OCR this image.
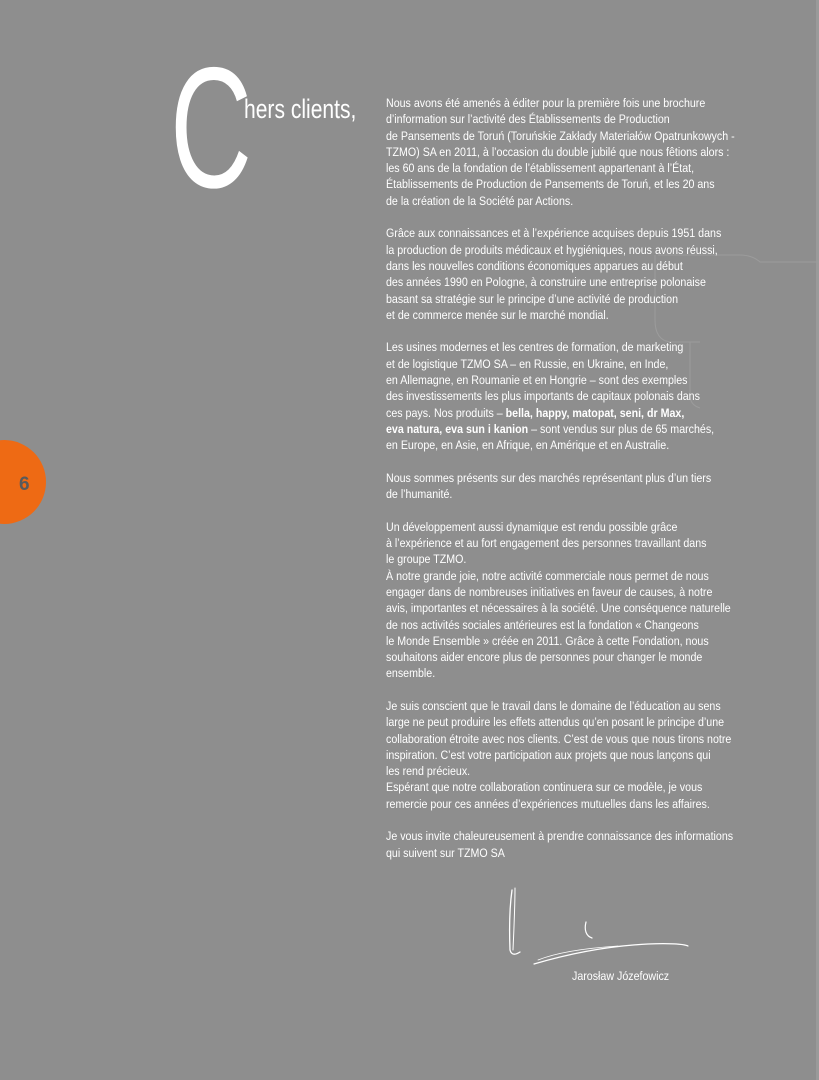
6
C
hers clients, Nous avons été amenés à éditer pour la première fois une brochure
d’information sur l’activité des Établissements de Production
de Pansements de Toruń (Toruńskie Zakłady Materiałów Opatrunkowych -
TZMO) SA en 2011, à l’occasion du double jubilé que nous fêtions alors :
les 60 ans de la fondation de l’établissement appartenant à l’État,
Établissements de Production de Pansements de Toruń, et les 20 ans
de la création de la Société par Actions.
Grâce aux connaissances et à l’expérience acquises depuis 1951 dans
la production de produits médicaux et hygiéniques, nous avons réussi,
dans les nouvelles conditions économiques apparues au début
des années 1990 en Pologne, à construire une entreprise polonaise
basant sa stratégie sur le principe d’une activité de production
et de commerce menée sur le marché mondial.
Les usines modernes et les centres de formation, de marketing
et de logistique TZMO SA – en Russie, en Ukraine, en Inde,
en Allemagne, en Roumanie et en Hongrie – sont des exemples
des investissements les plus importants de capitaux polonais dans
ces pays. Nos produits – bella, happy, matopat, seni, dr Max,
eva natura, eva sun i kanion – sont vendus sur plus de 65 marchés,
en Europe, en Asie, en Afrique, en Amérique et en Australie.
Nous sommes présents sur des marchés représentant plus d’un tiers
de l’humanité.
Un développement aussi dynamique est rendu possible grâce
à l’expérience et au fort engagement des personnes travaillant dans
le groupe TZMO.
À notre grande joie, notre activité commerciale nous permet de nous
engager dans de nombreuses initiatives en faveur de causes, à notre
avis, importantes et nécessaires à la société. Une conséquence naturelle
de nos activités sociales antérieures est la fondation « Changeons
le Monde Ensemble » créée en 2011. Grâce à cette Fondation, nous
souhaitons aider encore plus de personnes pour changer le monde
ensemble.
Je suis conscient que le travail dans le domaine de l’éducation au sens
large ne peut produire les effets attendus qu’en posant le principe d’une
collaboration étroite avec nos clients. C’est de vous que nous tirons notre
inspiration. C’est votre participation aux projets que nous lançons qui
les rend précieux.
Espérant que notre collaboration continuera sur ce modèle, je vous
remercie pour ces années d’expériences mutuelles dans les affaires.
Je vous invite chaleureusement à prendre connaissance des informations
qui suivent sur TZMO SA
Jarosław Józefowicz
